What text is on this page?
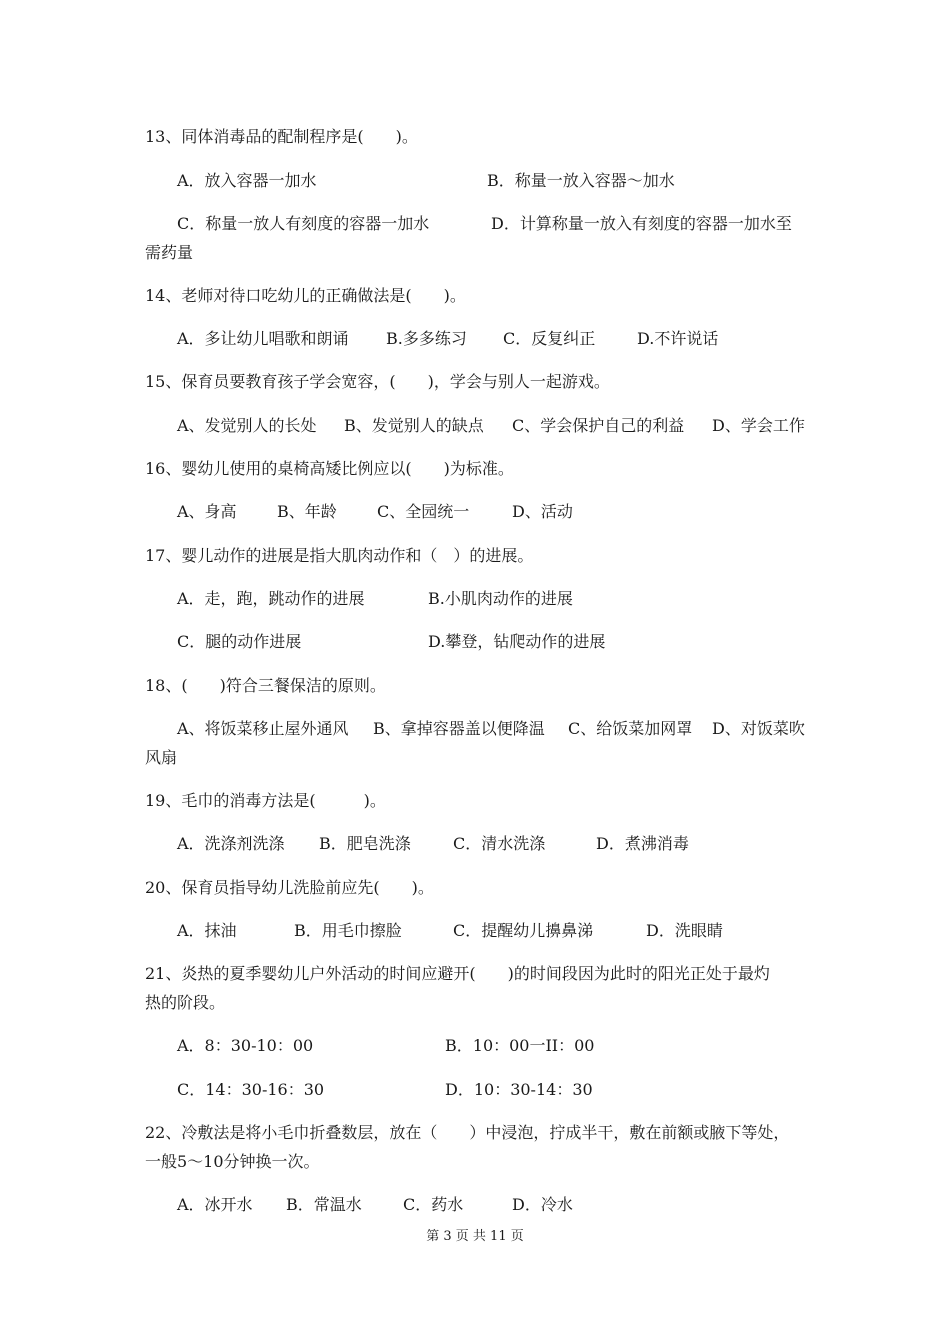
13、同体消毒品的配制程序是(　　)。
A．放入容器一加水	B．称量一放入容器～加水
C．称量一放人有刻度的容器一加水	D．计算称量一放入有刻度的容器一加水至
需药量
14、老师对待口吃幼儿的正确做法是(　　)。
A．多让幼儿唱歌和朗诵 B.多多练习 C．反复纠正	D.不许说话
15、保育员要教育孩子学会宽容，(　　)，学会与别人一起游戏。
A、发觉别人的长处 B、发觉别人的缺点 C、学会保护自己的利益 D、学会工作
16、婴幼儿使用的桌椅高矮比例应以(　　)为标准。
A、身高	B、年龄	C、全园统一	D、活动
17、婴儿动作的进展是指大肌肉动作和（　）的进展。
A．走，跑，跳动作的进展	B.小肌肉动作的进展
C．腿的动作进展	D.攀登，钻爬动作的进展
18、(　　)符合三餐保洁的原则。
A、将饭菜移止屋外通风 B、拿掉容器盖以便降温 C、给饭菜加网罩 D、对饭菜吹
风扇
19、毛巾的消毒方法是(　　　)。
A．洗涤剂洗涤 B．肥皂洗涤	C．清水洗涤	D．煮沸消毒
20、保育员指导幼儿洗脸前应先(　　)。
A．抹油	B．用毛巾擦脸	C．提醒幼儿擤鼻涕	D．洗眼睛
21、炎热的夏季婴幼儿户外活动的时间应避开(　　)的时间段因为此时的阳光正处于最灼
热的阶段。
A．8：30-10：00	B．10：00一II：00
C．14：30-16：30	D．10：30-14：30
22、冷敷法是将小毛巾折叠数层，放在（　　）中浸泡，拧成半干，敷在前额或腋下等处，
一般5～10分钟换一次。
A．冰开水 B．常温水	C．药水	D．冷水
第 3 页 共 11 页
